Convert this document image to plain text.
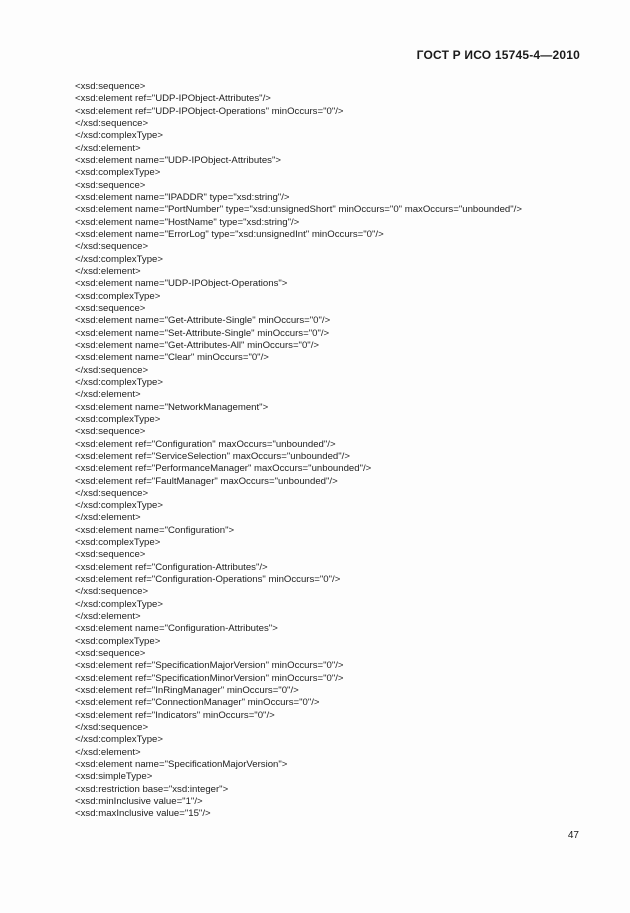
ГОСТ Р ИСО 15745-4—2010
<xsd:sequence>
<xsd:element ref="UDP-IPObject-Attributes"/>
<xsd:element ref="UDP-IPObject-Operations" minOccurs="0"/>
</xsd:sequence>
</xsd:complexType>
</xsd:element>
<xsd:element name="UDP-IPObject-Attributes">
<xsd:complexType>
<xsd:sequence>
<xsd:element name="IPADDR" type="xsd:string"/>
<xsd:element name="PortNumber" type="xsd:unsignedShort" minOccurs="0" maxOccurs="unbounded"/>
<xsd:element name="HostName" type="xsd:string"/>
<xsd:element name="ErrorLog" type="xsd:unsignedInt" minOccurs="0"/>
</xsd:sequence>
</xsd:complexType>
</xsd:element>
<xsd:element name="UDP-IPObject-Operations">
<xsd:complexType>
<xsd:sequence>
<xsd:element name="Get-Attribute-Single" minOccurs="0"/>
<xsd:element name="Set-Attribute-Single" minOccurs="0"/>
<xsd:element name="Get-Attributes-All" minOccurs="0"/>
<xsd:element name="Clear" minOccurs="0"/>
</xsd:sequence>
</xsd:complexType>
</xsd:element>
<xsd:element name="NetworkManagement">
<xsd:complexType>
<xsd:sequence>
<xsd:element ref="Configuration" maxOccurs="unbounded"/>
<xsd:element ref="ServiceSelection" maxOccurs="unbounded"/>
<xsd:element ref="PerformanceManager" maxOccurs="unbounded"/>
<xsd:element ref="FaultManager" maxOccurs="unbounded"/>
</xsd:sequence>
</xsd:complexType>
</xsd:element>
<xsd:element name="Configuration">
<xsd:complexType>
<xsd:sequence>
<xsd:element ref="Configuration-Attributes"/>
<xsd:element ref="Configuration-Operations" minOccurs="0"/>
</xsd:sequence>
</xsd:complexType>
</xsd:element>
<xsd:element name="Configuration-Attributes">
<xsd:complexType>
<xsd:sequence>
<xsd:element ref="SpecificationMajorVersion" minOccurs="0"/>
<xsd:element ref="SpecificationMinorVersion" minOccurs="0"/>
<xsd:element ref="InRingManager" minOccurs="0"/>
<xsd:element ref="ConnectionManager" minOccurs="0"/>
<xsd:element ref="Indicators" minOccurs="0"/>
</xsd:sequence>
</xsd:complexType>
</xsd:element>
<xsd:element name="SpecificationMajorVersion">
<xsd:simpleType>
<xsd:restriction base="xsd:integer">
<xsd:minInclusive value="1"/>
<xsd:maxInclusive value="15"/>
47
